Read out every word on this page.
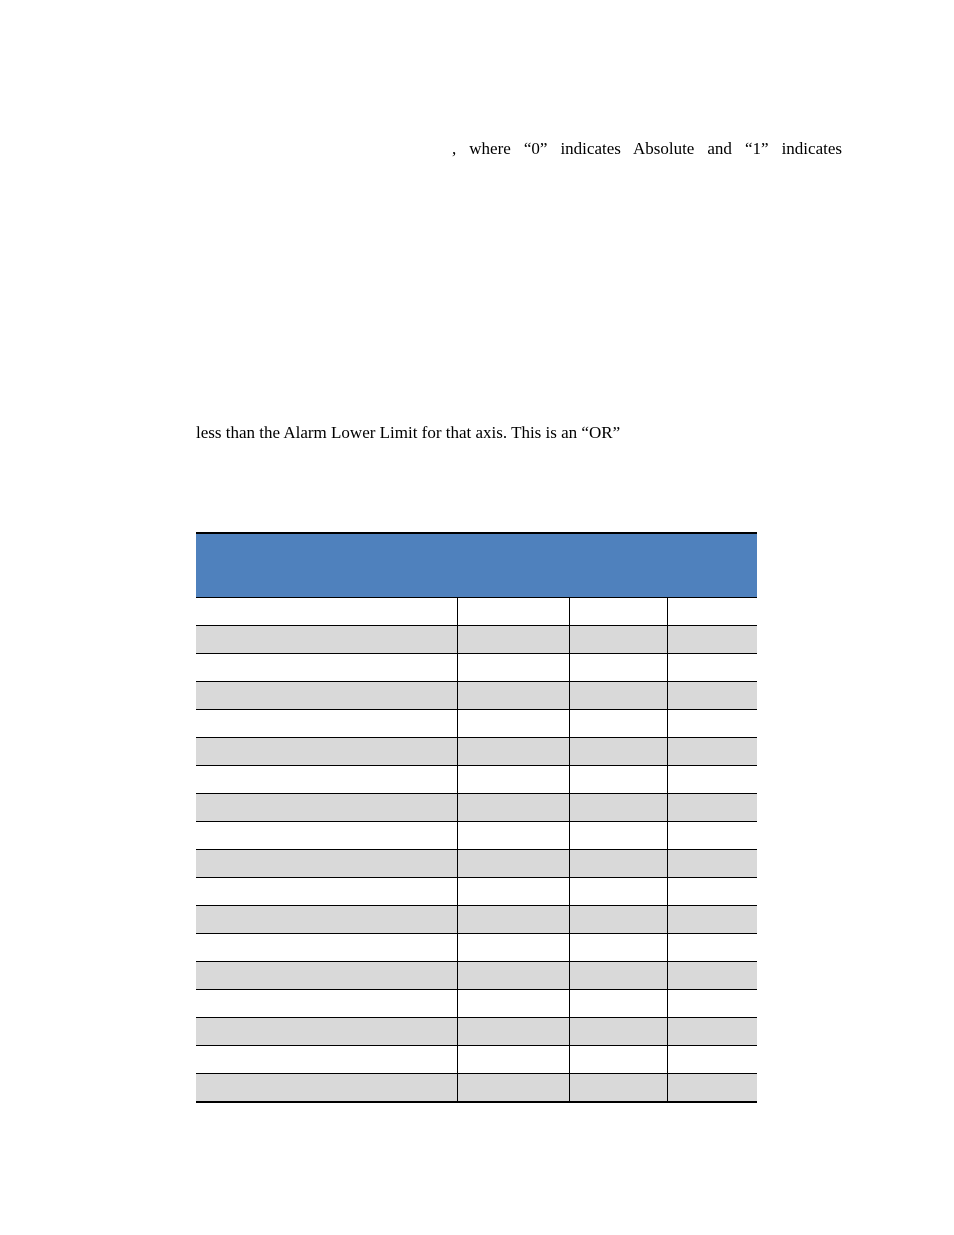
, where “0” indicates Absolute and “1” indicates

less than the Alarm Lower Limit for that axis. This is an “OR”
